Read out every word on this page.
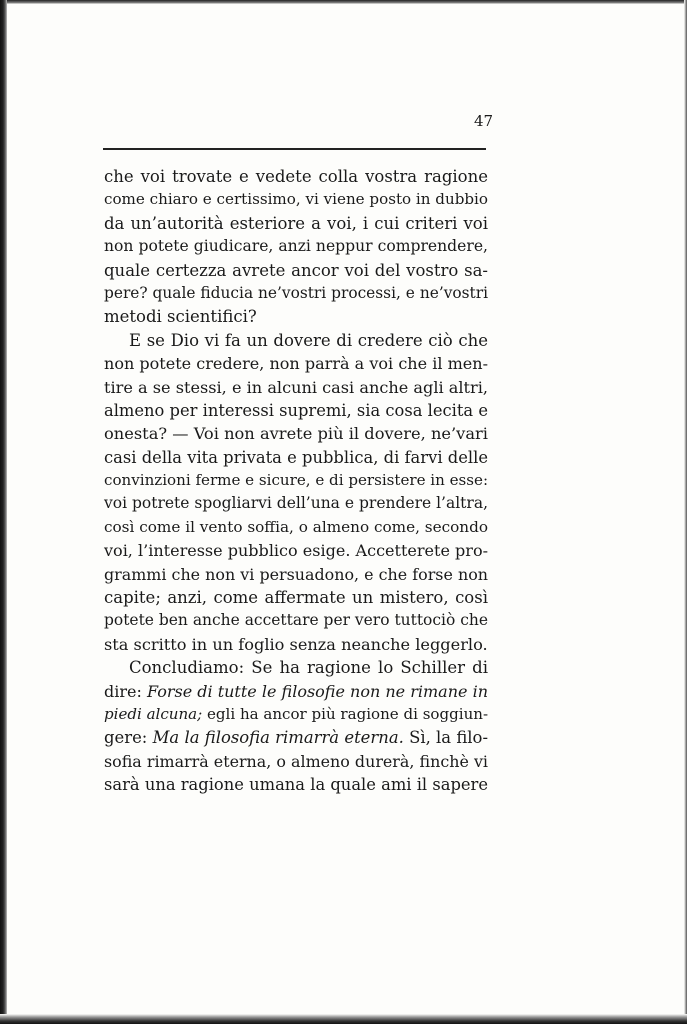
47
che voi trovate e vedete colla vostra ragione
come chiaro e certissimo, vi viene posto in dubbio
da un’autorità esteriore a voi, i cui criteri voi
non potete giudicare, anzi neppur comprendere,
quale certezza avrete ancor voi del vostro sa-
pere? quale fiducia ne’vostri processi, e ne’vostri
metodi scientifici?
E se Dio vi fa un dovere di credere ciò che
non potete credere, non parrà a voi che il men-
tire a se stessi, e in alcuni casi anche agli altri,
almeno per interessi supremi, sia cosa lecita e
onesta? — Voi non avrete più il dovere, ne’vari
casi della vita privata e pubblica, di farvi delle
convinzioni ferme e sicure, e di persistere in esse:
voi potrete spogliarvi dell’una e prendere l’altra,
così come il vento soffia, o almeno come, secondo
voi, l’interesse pubblico esige. Accetterete pro-
grammi che non vi persuadono, e che forse non
capite; anzi, come affermate un mistero, così
potete ben anche accettare per vero tuttociò che
sta scritto in un foglio senza neanche leggerlo.
Concludiamo: Se ha ragione lo Schiller di
dire: Forse di tutte le filosofie non ne rimane in
piedi alcuna; egli ha ancor più ragione di soggiun-
gere: Ma la filosofia rimarrà eterna. Sì, la filo-
sofia rimarrà eterna, o almeno durerà, finchè vi
sarà una ragione umana la quale ami il sapere
